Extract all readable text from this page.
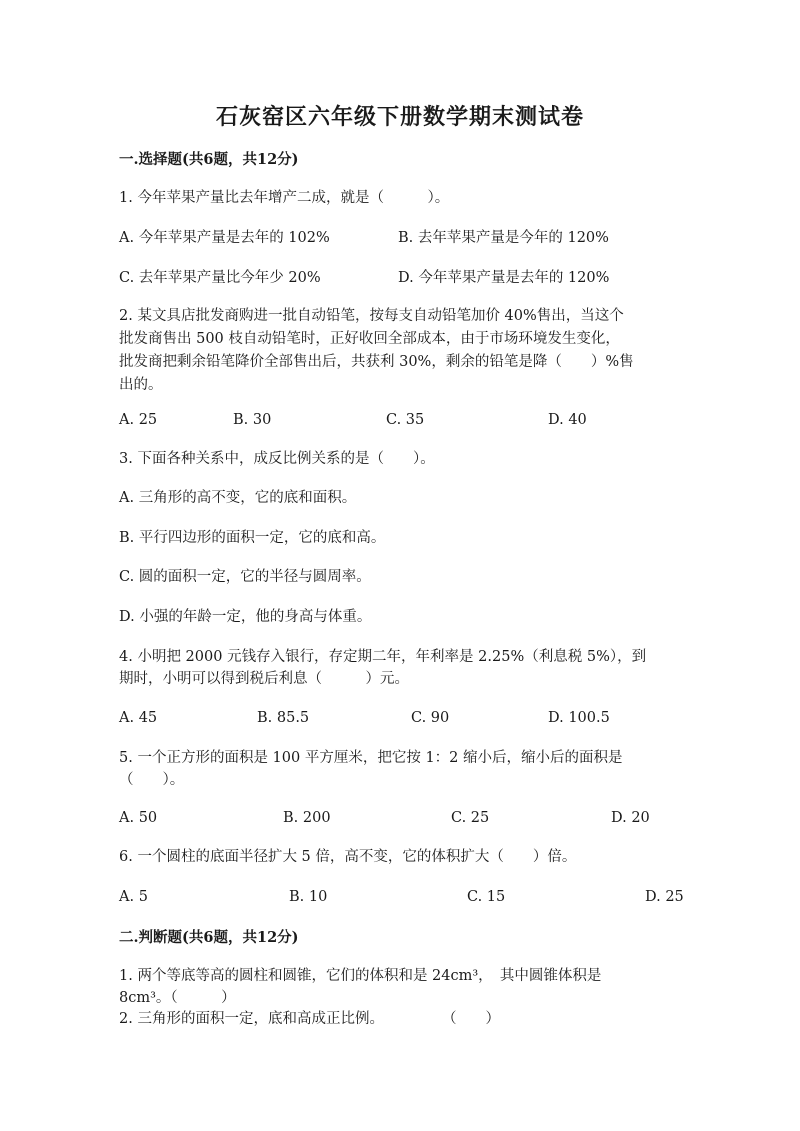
石灰窑区六年级下册数学期末测试卷
一.选择题(共6题，共12分)
1. 今年苹果产量比去年增产二成，就是（　　　）。
A. 今年苹果产量是去年的 102%	B. 去年苹果产量是今年的 120%
C. 去年苹果产量比今年少 20%	D. 今年苹果产量是去年的 120%
2. 某文具店批发商购进一批自动铅笔，按每支自动铅笔加价 40%售出，当这个
批发商售出 500 枝自动铅笔时，正好收回全部成本，由于市场环境发生变化，
批发商把剩余铅笔降价全部售出后，共获利 30%，剩余的铅笔是降（　　）%售
出的。
A. 25	B. 30	C. 35	D. 40
3. 下面各种关系中，成反比例关系的是（　　）。
A. 三角形的高不变，它的底和面积。
B. 平行四边形的面积一定，它的底和高。
C. 圆的面积一定，它的半径与圆周率。
D. 小强的年龄一定，他的身高与体重。
4. 小明把 2000 元钱存入银行，存定期二年，年利率是 2.25%（利息税 5%），到
期时，小明可以得到税后利息（　　　）元。
A. 45	B. 85.5	C. 90	D. 100.5
5. 一个正方形的面积是 100 平方厘米，把它按 1：2 缩小后，缩小后的面积是
（　　）。
A. 50	B. 200	C. 25	D. 20
6. 一个圆柱的底面半径扩大 5 倍，高不变，它的体积扩大（　　）倍。
A. 5	B. 10	C. 15	D. 25
二.判断题(共6题，共12分)
1. 两个等底等高的圆柱和圆锥，它们的体积和是 24cm³，　其中圆锥体积是
8cm³。（　　　）
2. 三角形的面积一定，底和高成正比例。　　　　　（　　）
